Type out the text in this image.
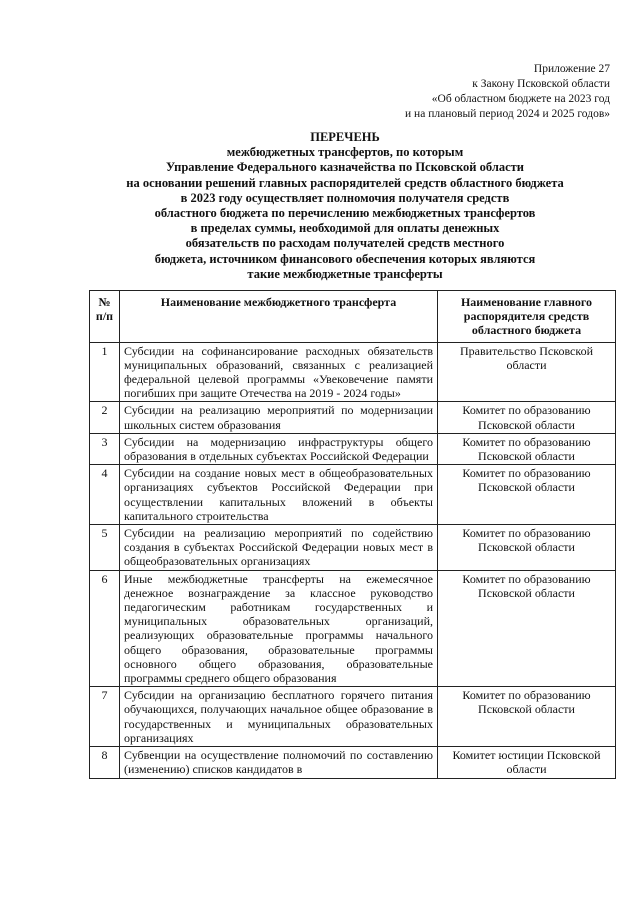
Приложение 27
к Закону Псковской области
«Об областном бюджете на 2023 год
и на плановый период 2024 и 2025 годов»
ПЕРЕЧЕНЬ
межбюджетных трансфертов, по которым
Управление Федерального казначейства по Псковской области
на основании решений главных распорядителей средств областного бюджета
в 2023 году осуществляет полномочия получателя средств
областного бюджета по перечислению межбюджетных трансфертов
в пределах суммы, необходимой для оплаты денежных
обязательств по расходам получателей средств местного
бюджета, источником финансового обеспечения которых являются
такие межбюджетные трансферты
№ п/п	Наименование межбюджетного трансферта	Наименование главного распорядителя средств областного бюджета
1	Субсидии на софинансирование расходных обязательств муниципальных образований, связанных с реализацией федеральной целевой программы «Увековечение памяти погибших при защите Отечества на 2019 - 2024 годы»	Правительство Псковской области
2	Субсидии на реализацию мероприятий по модернизации школьных систем образования	Комитет по образованию Псковской области
3	Субсидии на модернизацию инфраструктуры общего образования в отдельных субъектах Российской Федерации	Комитет по образованию Псковской области
4	Субсидии на создание новых мест в общеобразовательных организациях субъектов Российской Федерации при осуществлении капитальных вложений в объекты капитального строительства	Комитет по образованию Псковской области
5	Субсидии на реализацию мероприятий по содействию создания в субъектах Российской Федерации новых мест в общеобразовательных организациях	Комитет по образованию Псковской области
6	Иные межбюджетные трансферты на ежемесячное денежное вознаграждение за классное руководство педагогическим работникам государственных и муниципальных образовательных организаций, реализующих образовательные программы начального общего образования, образовательные программы основного общего образования, образовательные программы среднего общего образования	Комитет по образованию Псковской области
7	Субсидии на организацию бесплатного горячего питания обучающихся, получающих начальное общее образование в государственных и муниципальных образовательных организациях	Комитет по образованию Псковской области
8	Субвенции на осуществление полномочий по составлению (изменению) списков кандидатов в	Комитет юстиции Псковской области
